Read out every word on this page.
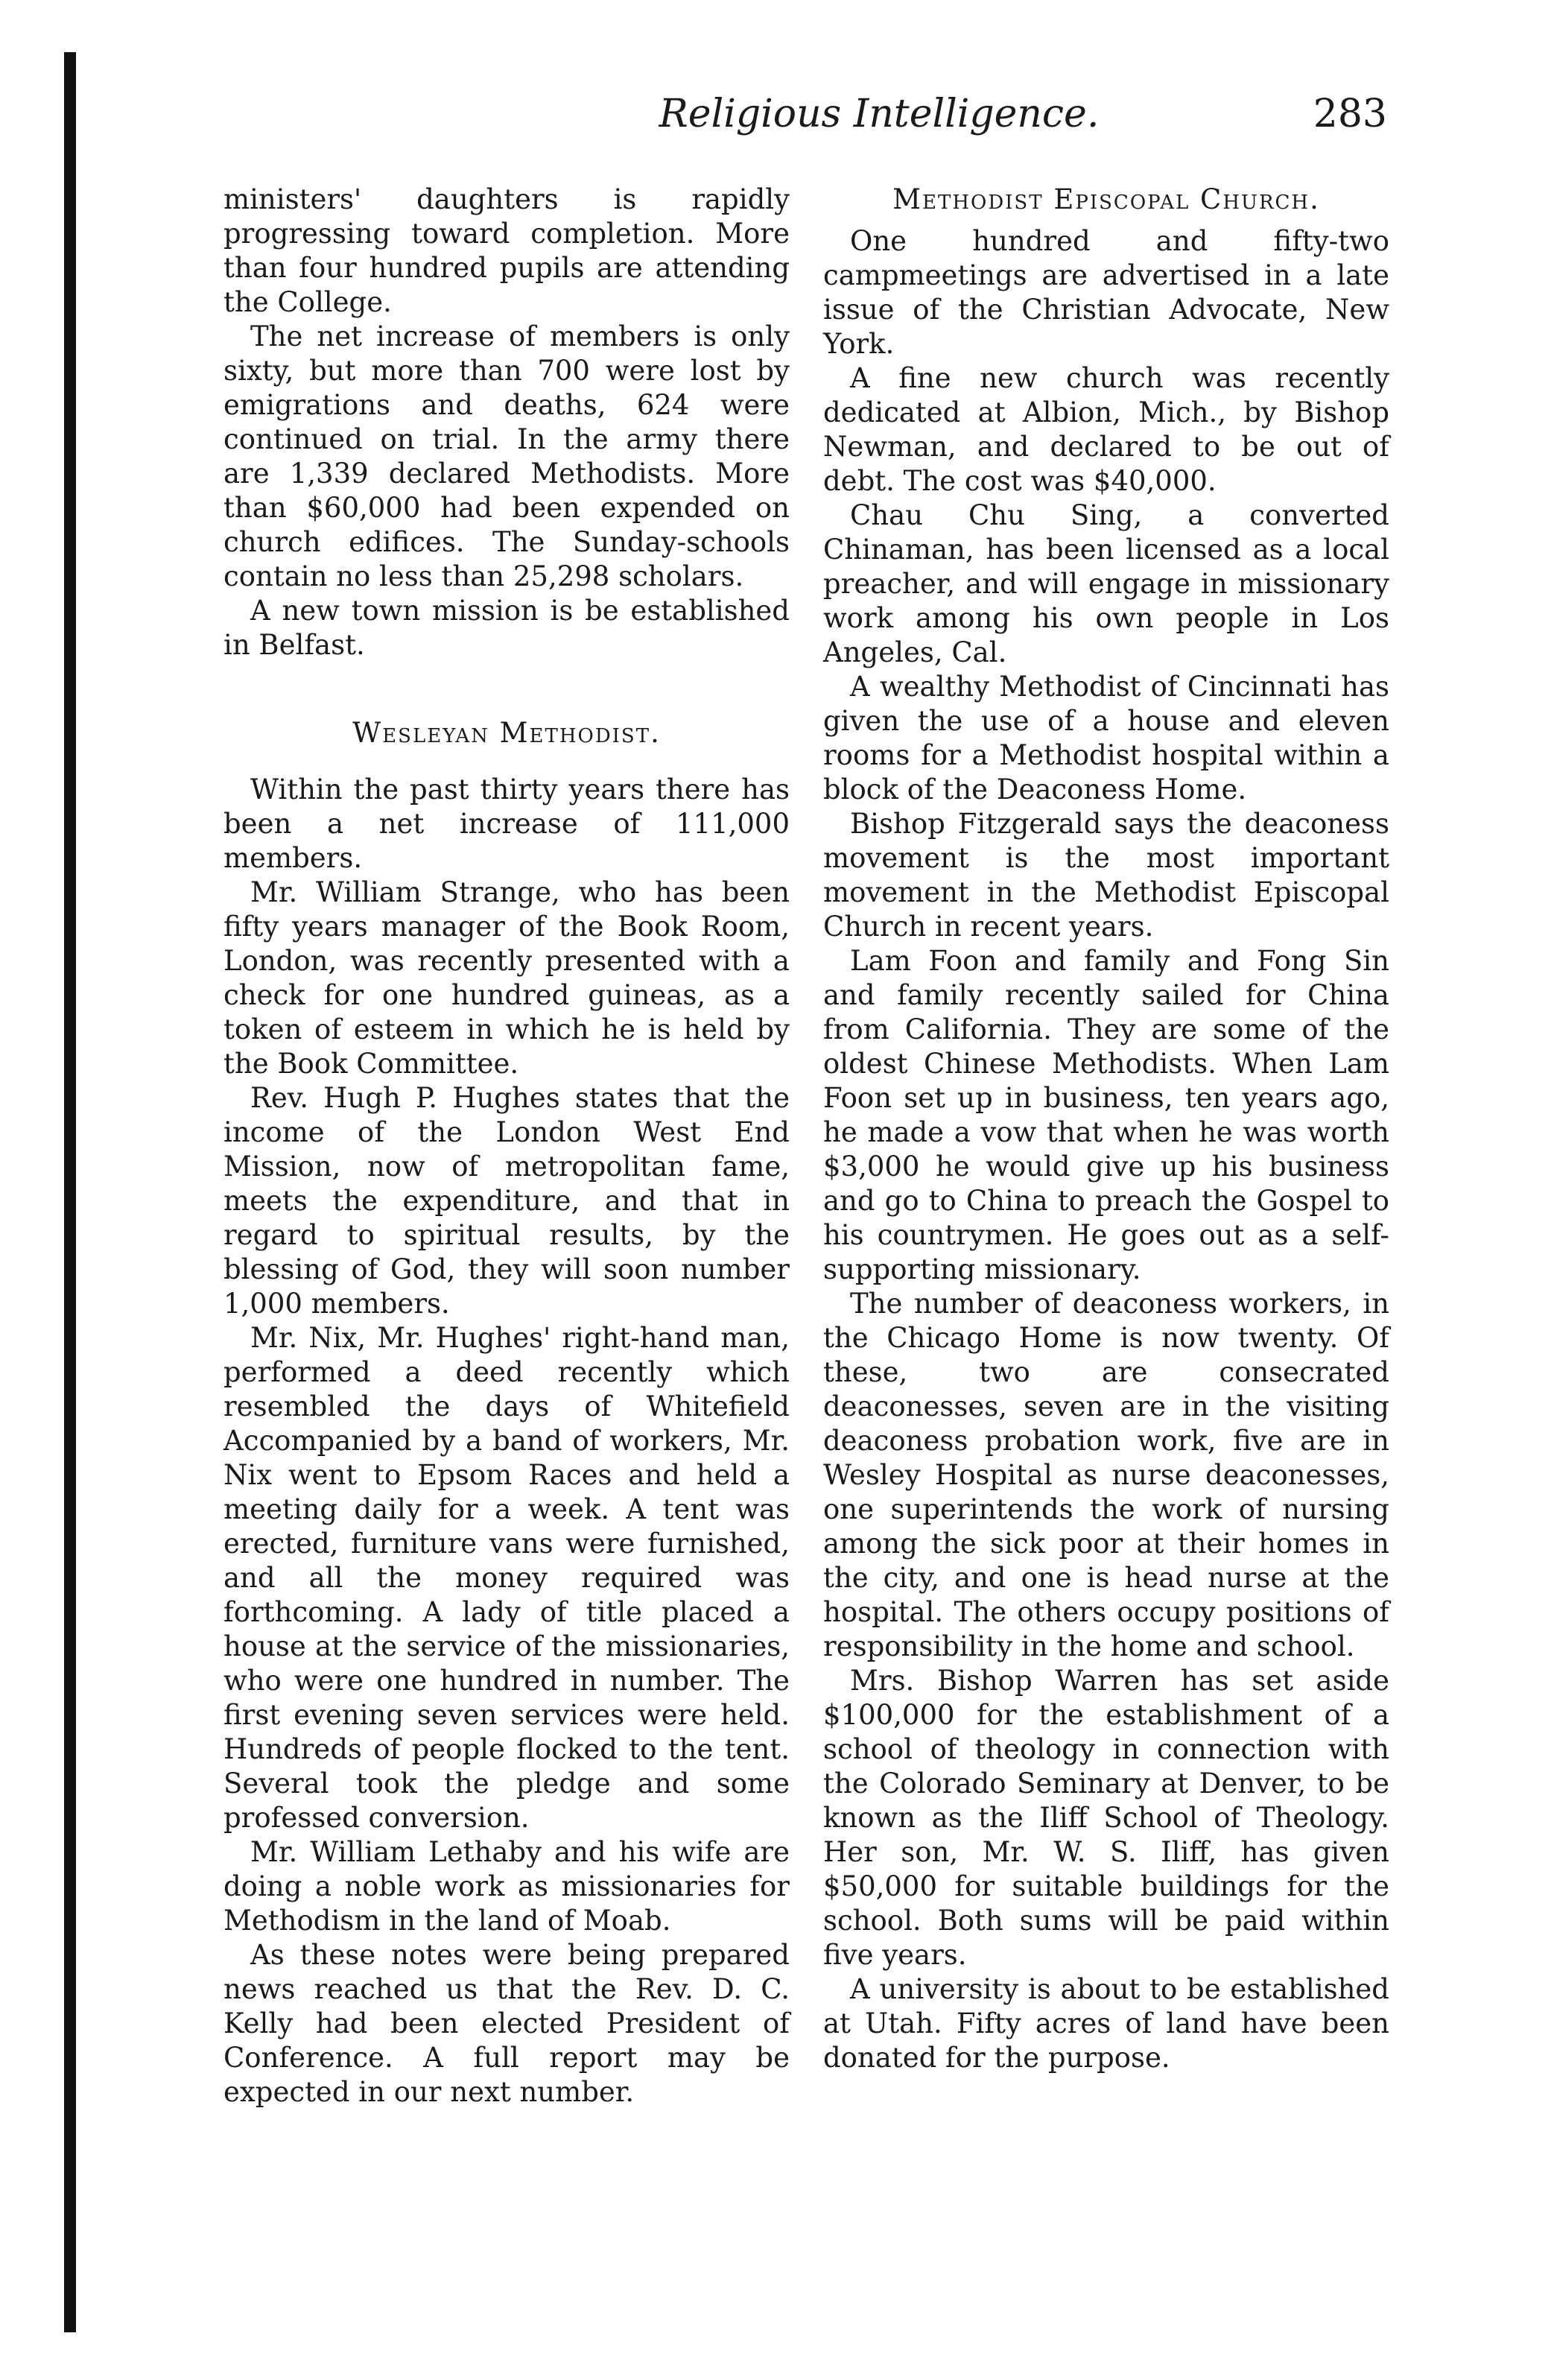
Religious Intelligence.	283

ministers' daughters is rapidly progressing toward completion. More than four hundred pupils are attending the College.

The net increase of members is only sixty, but more than 700 were lost by emigrations and deaths, 624 were continued on trial. In the army there are 1,339 declared Methodists. More than $60,000 had been expended on church edifices. The Sunday-schools contain no less than 25,298 scholars.

A new town mission is be established in Belfast.

Wesleyan Methodist.

Within the past thirty years there has been a net increase of 111,000 members.

Mr. William Strange, who has been fifty years manager of the Book Room, London, was recently presented with a check for one hundred guineas, as a token of esteem in which he is held by the Book Committee.

Rev. Hugh P. Hughes states that the income of the London West End Mission, now of metropolitan fame, meets the expenditure, and that in regard to spiritual results, by the blessing of God, they will soon number 1,000 members.

Mr. Nix, Mr. Hughes' right-hand man, performed a deed recently which resembled the days of Whitefield Accompanied by a band of workers, Mr. Nix went to Epsom Races and held a meeting daily for a week. A tent was erected, furniture vans were furnished, and all the money required was forthcoming. A lady of title placed a house at the service of the missionaries, who were one hundred in number. The first evening seven services were held. Hundreds of people flocked to the tent. Several took the pledge and some professed conversion.

Mr. William Lethaby and his wife are doing a noble work as missionaries for Methodism in the land of Moab.

As these notes were being prepared news reached us that the Rev. D. C. Kelly had been elected President of Conference. A full report may be expected in our next number.

Methodist Episcopal Church.

One hundred and fifty-two campmeetings are advertised in a late issue of the Christian Advocate, New York.

A fine new church was recently dedicated at Albion, Mich., by Bishop Newman, and declared to be out of debt. The cost was $40,000.

Chau Chu Sing, a converted Chinaman, has been licensed as a local preacher, and will engage in missionary work among his own people in Los Angeles, Cal.

A wealthy Methodist of Cincinnati has given the use of a house and eleven rooms for a Methodist hospital within a block of the Deaconess Home.

Bishop Fitzgerald says the deaconess movement is the most important movement in the Methodist Episcopal Church in recent years.

Lam Foon and family and Fong Sin and family recently sailed for China from California. They are some of the oldest Chinese Methodists. When Lam Foon set up in business, ten years ago, he made a vow that when he was worth $3,000 he would give up his business and go to China to preach the Gospel to his countrymen. He goes out as a self-supporting missionary.

The number of deaconess workers, in the Chicago Home is now twenty. Of these, two are consecrated deaconesses, seven are in the visiting deaconess probation work, five are in Wesley Hospital as nurse deaconesses, one superintends the work of nursing among the sick poor at their homes in the city, and one is head nurse at the hospital. The others occupy positions of responsibility in the home and school.

Mrs. Bishop Warren has set aside $100,000 for the establishment of a school of theology in connection with the Colorado Seminary at Denver, to be known as the Iliff School of Theology. Her son, Mr. W. S. Iliff, has given $50,000 for suitable buildings for the school. Both sums will be paid within five years.

A university is about to be established at Utah. Fifty acres of land have been donated for the purpose.
